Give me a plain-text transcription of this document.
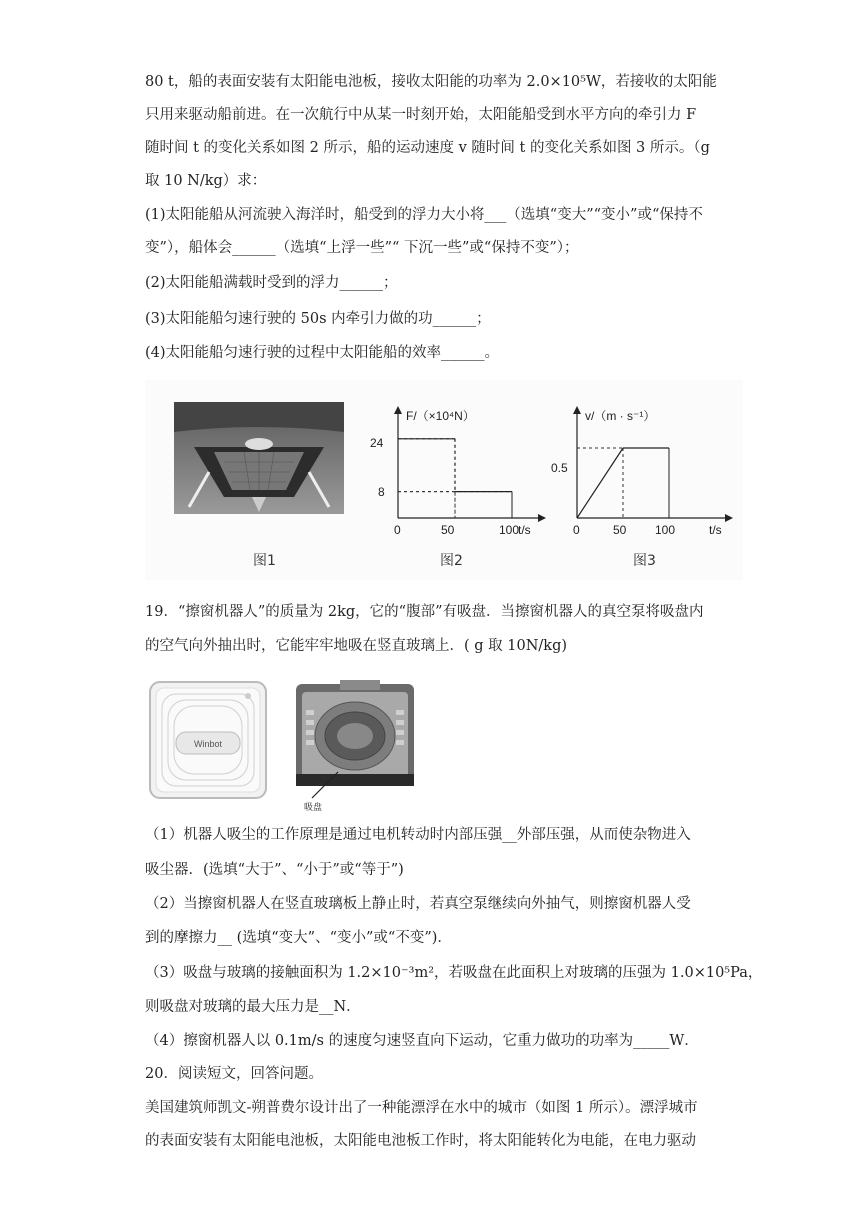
80 t，船的表面安装有太阳能电池板，接收太阳能的功率为 2.0×10⁵W，若接收的太阳能
只用来驱动船前进。在一次航行中从某一时刻开始，太阳能船受到水平方向的牵引力 F
随时间 t 的变化关系如图 2 所示，船的运动速度 v 随时间 t 的变化关系如图 3 所示。（g
取 10 N/kg）求：
(1)太阳能船从河流驶入海洋时，船受到的浮力大小将___（选填“变大”“变小”或“保持不
变”），船体会______（选填“上浮一些”“ 下沉一些”或“保持不变”）；
(2)太阳能船满载时受到的浮力______；
(3)太阳能船匀速行驶的 50s 内牵引力做的功______；
(4)太阳能船匀速行驶的过程中太阳能船的效率______。
F/（×10⁴N）
t/s
24
8
0	50	100
v/（m · s⁻¹）
t/s
0.5
0	50 100
图1	图2	图3
19．“擦窗机器人”的质量为 2kg，它的“腹部”有吸盘．当擦窗机器人的真空泵将吸盘内
的空气向外抽出时，它能牢牢地吸在竖直玻璃上．( g 取 10N/kg)
Winbot
吸盘
（1）机器人吸尘的工作原理是通过电机转动时内部压强__外部压强，从而使杂物进入
吸尘器．(选填“大于”、“小于”或“等于”)
（2）当擦窗机器人在竖直玻璃板上静止时，若真空泵继续向外抽气，则擦窗机器人受
到的摩擦力__ (选填“变大”、“变小”或“不变”)．
（3）吸盘与玻璃的接触面积为 1.2×10⁻³m²，若吸盘在此面积上对玻璃的压强为 1.0×10⁵Pa，
则吸盘对玻璃的最大压力是__N．
（4）擦窗机器人以 0.1m/s 的速度匀速竖直向下运动，它重力做功的功率为_____W．
20．阅读短文，回答问题。
美国建筑师凯文-朔普费尔设计出了一种能漂浮在水中的城市（如图 1 所示）。漂浮城市
的表面安装有太阳能电池板，太阳能电池板工作时，将太阳能转化为电能，在电力驱动
